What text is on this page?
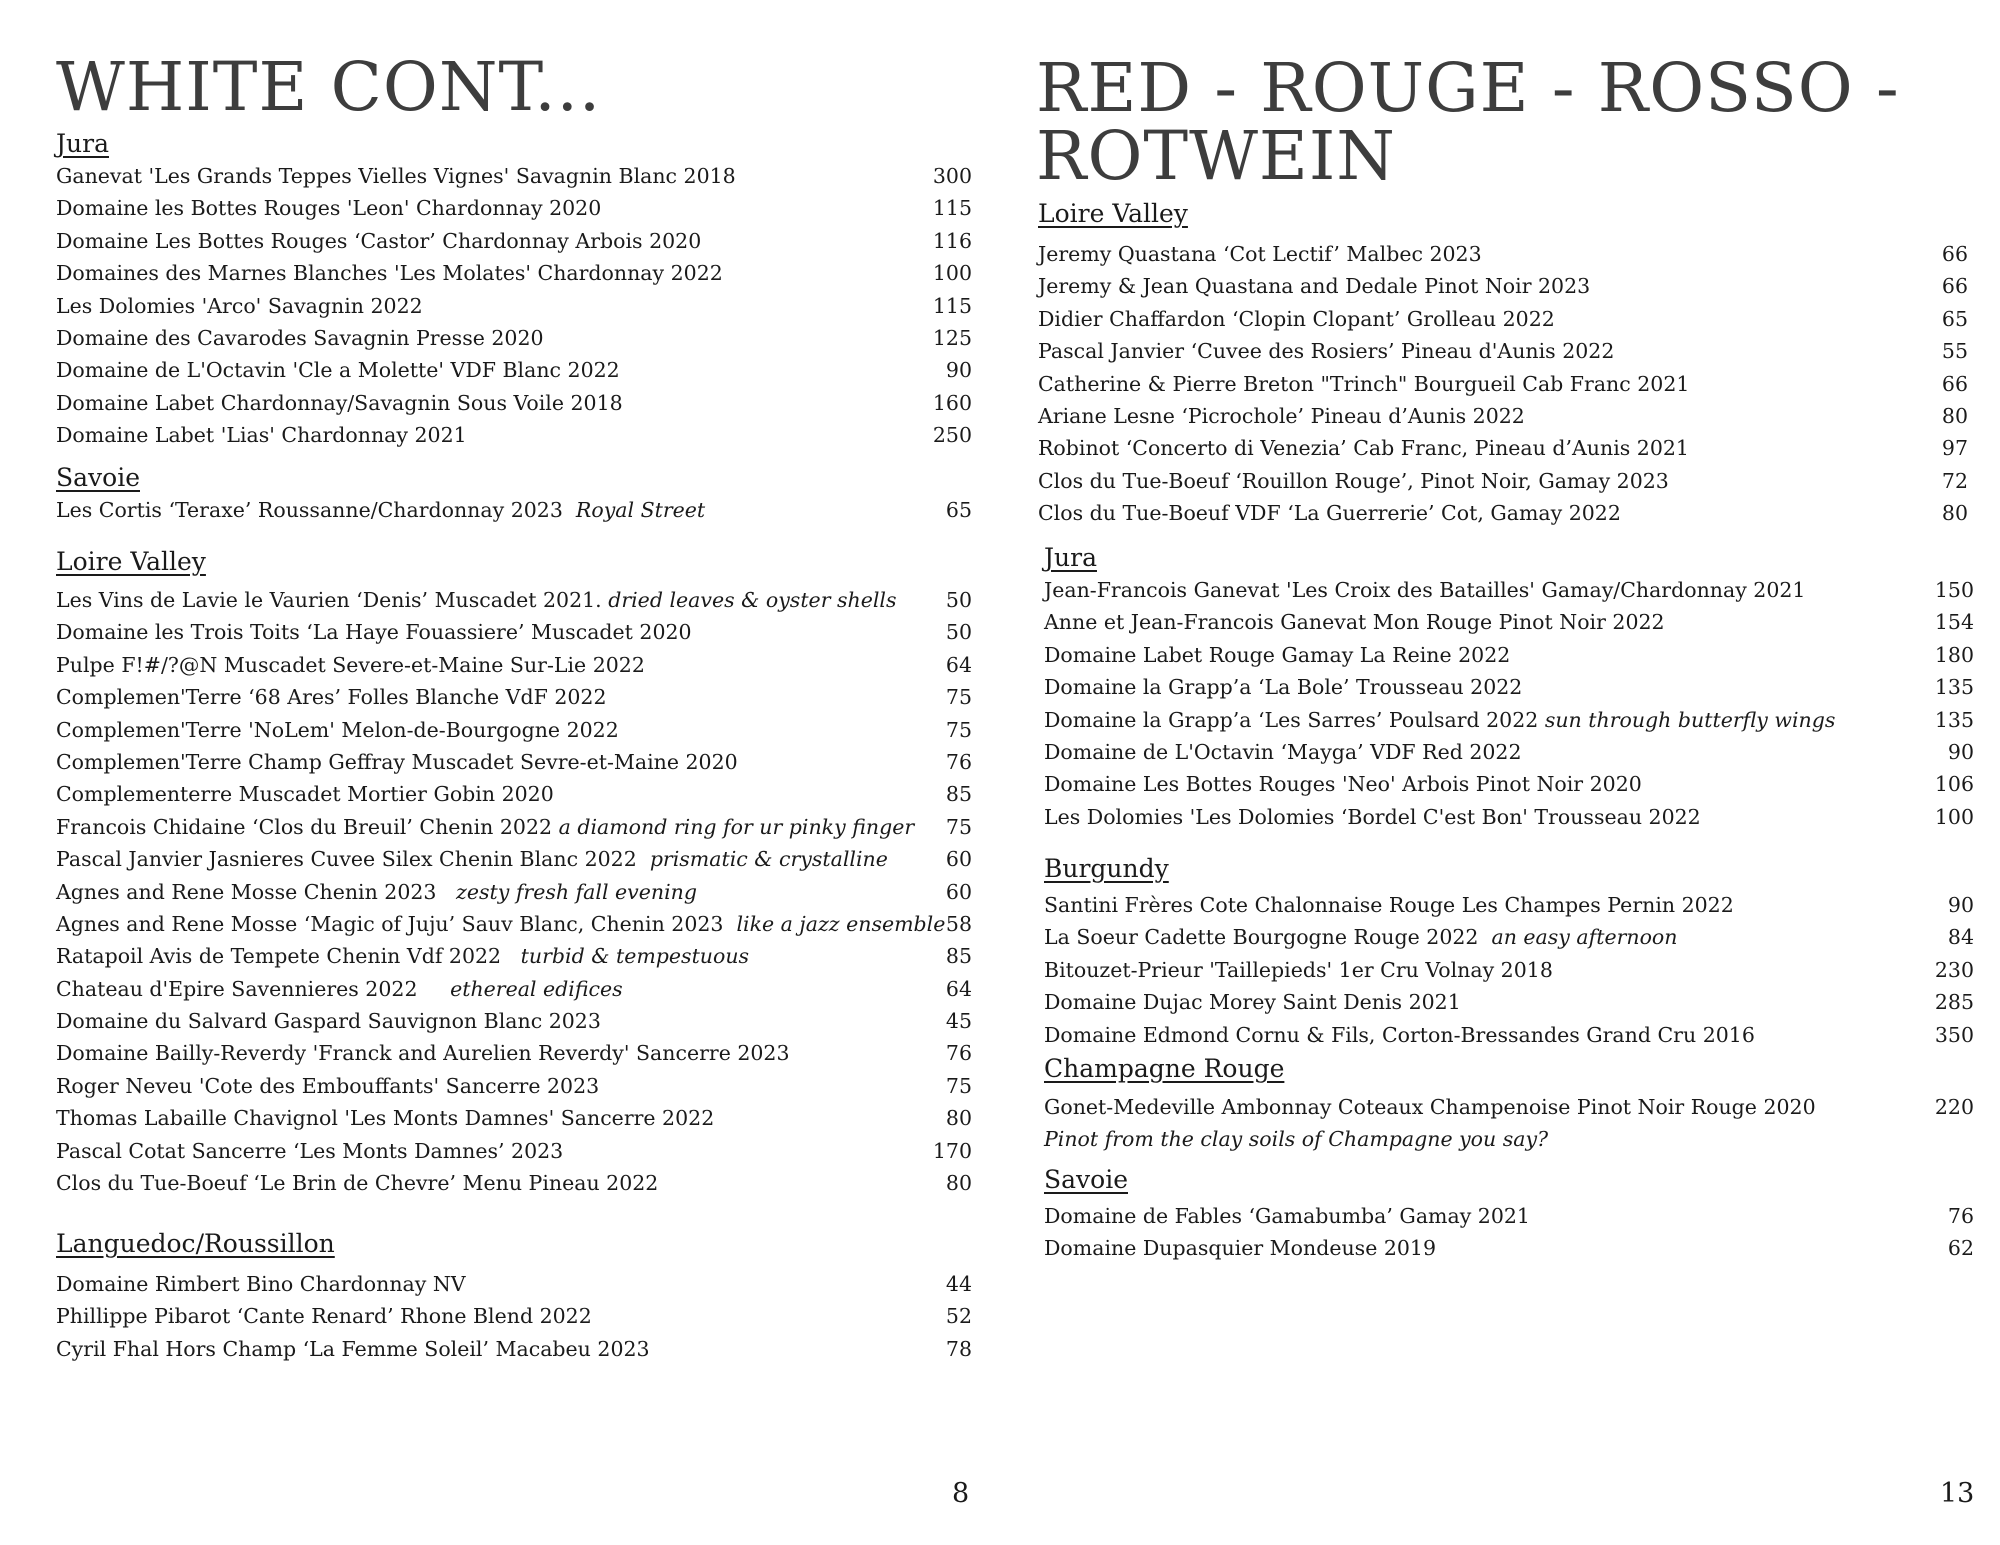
WHITE CONT...
Jura
Ganevat 'Les Grands Teppes Vielles Vignes' Savagnin Blanc 2018	300
Domaine les Bottes Rouges 'Leon' Chardonnay 2020	115
Domaine Les Bottes Rouges ‘Castor’ Chardonnay Arbois 2020	116
Domaines des Marnes Blanches 'Les Molates' Chardonnay 2022	100
Les Dolomies 'Arco' Savagnin 2022	115
Domaine des Cavarodes Savagnin Presse 2020	125
Domaine de L'Octavin 'Cle a Molette' VDF Blanc 2022	90
Domaine Labet Chardonnay/Savagnin Sous Voile 2018	160
Domaine Labet 'Lias' Chardonnay 2021	250
Savoie
Les Cortis ‘Teraxe’ Roussanne/Chardonnay 2023  Royal Street	65
Loire Valley
Les Vins de Lavie le Vaurien ‘Denis’ Muscadet 2021. dried leaves & oyster shells	50
Domaine les Trois Toits ‘La Haye Fouassiere’ Muscadet 2020	50
Pulpe F!#/?@N Muscadet Severe-et-Maine Sur-Lie 2022	64
Complemen'Terre ‘68 Ares’ Folles Blanche VdF 2022	75
Complemen'Terre 'NoLem' Melon-de-Bourgogne 2022	75
Complemen'Terre Champ Geffray Muscadet Sevre-et-Maine 2020	76
Complementerre Muscadet Mortier Gobin 2020	85
Francois Chidaine ‘Clos du Breuil’ Chenin 2022 a diamond ring for ur pinky finger	75
Pascal Janvier Jasnieres Cuvee Silex Chenin Blanc 2022  prismatic & crystalline	60
Agnes and Rene Mosse Chenin 2023   zesty fresh fall evening	60
Agnes and Rene Mosse ‘Magic of Juju’ Sauv Blanc, Chenin 2023  like a jazz ensemble 58
Ratapoil Avis de Tempete Chenin Vdf 2022   turbid & tempestuous	85
Chateau d'Epire Savennieres 2022     ethereal edifices	64
Domaine du Salvard Gaspard Sauvignon Blanc 2023	45
Domaine Bailly-Reverdy 'Franck and Aurelien Reverdy' Sancerre 2023	76
Roger Neveu 'Cote des Embouffants' Sancerre 2023	75
Thomas Labaille Chavignol 'Les Monts Damnes' Sancerre 2022	80
Pascal Cotat Sancerre ‘Les Monts Damnes’ 2023	170
Clos du Tue-Boeuf ‘Le Brin de Chevre’ Menu Pineau 2022	80
Languedoc/Roussillon
Domaine Rimbert Bino Chardonnay NV	44
Phillippe Pibarot ‘Cante Renard’ Rhone Blend 2022	52
Cyril Fhal Hors Champ ‘La Femme Soleil’ Macabeu 2023	78
8
RED - ROUGE - ROSSO - ROTWEIN
Loire Valley
Jeremy Quastana ‘Cot Lectif’ Malbec 2023	66
Jeremy & Jean Quastana and Dedale Pinot Noir 2023	66
Didier Chaffardon ‘Clopin Clopant’ Grolleau 2022	65
Pascal Janvier ‘Cuvee des Rosiers’ Pineau d'Aunis 2022	55
Catherine & Pierre Breton "Trinch" Bourgueil Cab Franc 2021	66
Ariane Lesne ‘Picrochole’ Pineau d’Aunis 2022	80
Robinot ‘Concerto di Venezia’ Cab Franc, Pineau d’Aunis 2021	97
Clos du Tue-Boeuf ‘Rouillon Rouge’, Pinot Noir, Gamay 2023	72
Clos du Tue-Boeuf VDF ‘La Guerrerie’ Cot, Gamay 2022	80
Jura
Jean-Francois Ganevat 'Les Croix des Batailles' Gamay/Chardonnay 2021	150
Anne et Jean-Francois Ganevat Mon Rouge Pinot Noir 2022	154
Domaine Labet Rouge Gamay La Reine 2022	180
Domaine la Grapp’a ‘La Bole’ Trousseau 2022	135
Domaine la Grapp’a ‘Les Sarres’ Poulsard 2022 sun through butterfly wings	135
Domaine de L'Octavin ‘Mayga’ VDF Red 2022	90
Domaine Les Bottes Rouges 'Neo' Arbois Pinot Noir 2020	106
Les Dolomies 'Les Dolomies ‘Bordel C'est Bon' Trousseau 2022	100
Burgundy
Santini Frères Cote Chalonnaise Rouge Les Champes Pernin 2022	90
La Soeur Cadette Bourgogne Rouge 2022  an easy afternoon	84
Bitouzet-Prieur 'Taillepieds' 1er Cru Volnay 2018	230
Domaine Dujac Morey Saint Denis 2021	285
Domaine Edmond Cornu & Fils, Corton-Bressandes Grand Cru 2016	350
Champagne Rouge
Gonet-Medeville Ambonnay Coteaux Champenoise Pinot Noir Rouge 2020	220
Pinot from the clay soils of Champagne you say?
Savoie
Domaine de Fables ‘Gamabumba’ Gamay 2021	76
Domaine Dupasquier Mondeuse 2019	62
13
